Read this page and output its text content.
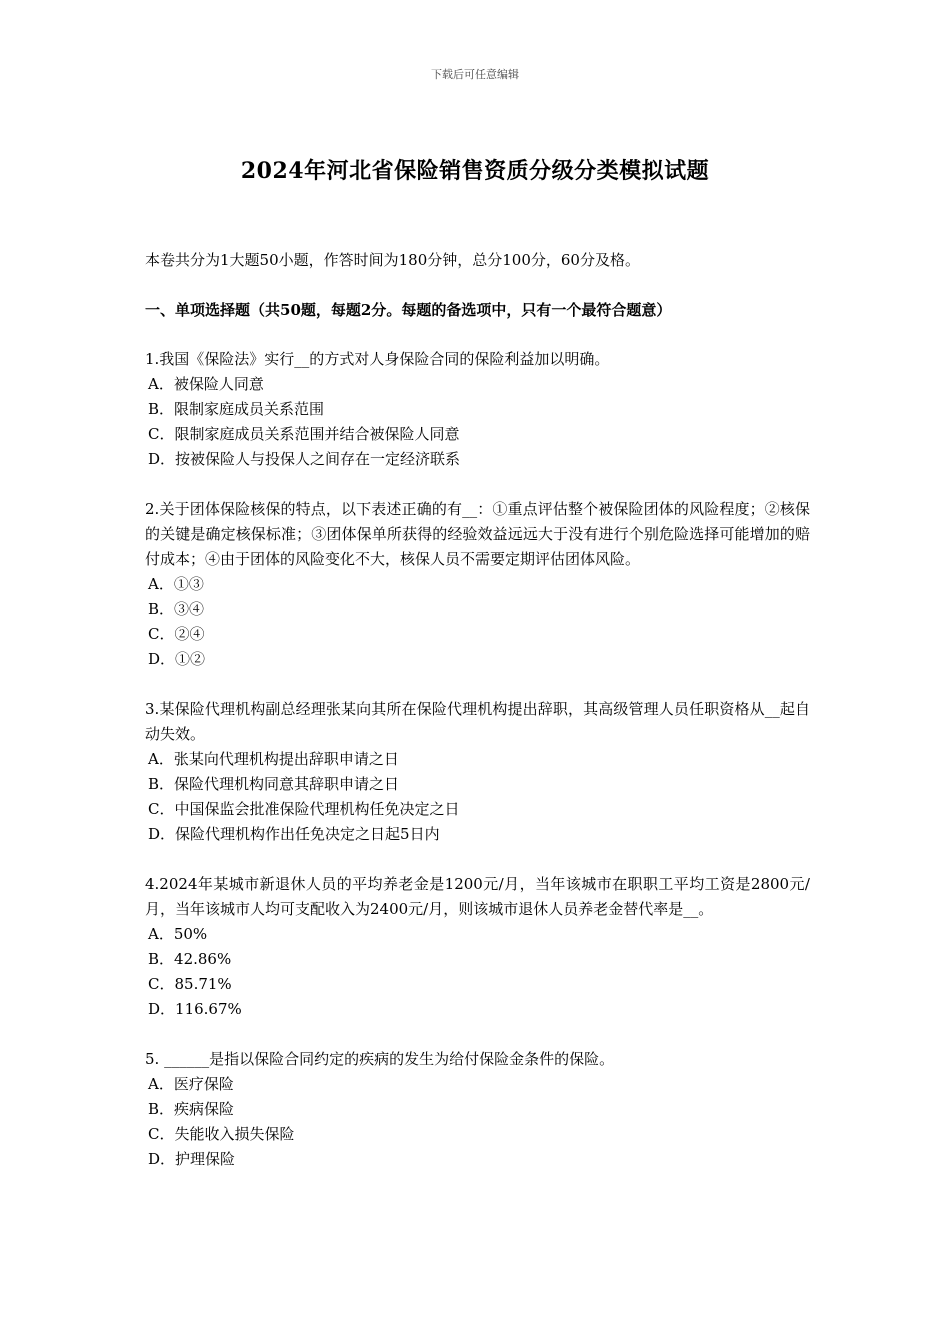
下载后可任意编辑
2024年河北省保险销售资质分级分类模拟试题

本卷共分为1大题50小题，作答时间为180分钟，总分100分，60分及格。

一、单项选择题（共50题，每题2分。每题的备选项中，只有一个最符合题意）

1.我国《保险法》实行__的方式对人身保险合同的保险利益加以明确。

A．被保险人同意
B．限制家庭成员关系范围
C．限制家庭成员关系范围并结合被保险人同意
D．按被保险人与投保人之间存在一定经济联系

2.关于团体保险核保的特点，以下表述正确的有__：①重点评估整个被保险团体的风险程度；②核保的关键是确定核保标准；③团体保单所获得的经验效益远远大于没有进行个别危险选择可能增加的赔付成本；④由于团体的风险变化不大，核保人员不需要定期评估团体风险。

A．①③
B．③④
C．②④
D．①②

3.某保险代理机构副总经理张某向其所在保险代理机构提出辞职，其高级管理人员任职资格从__起自动失效。

A．张某向代理机构提出辞职申请之日
B．保险代理机构同意其辞职申请之日
C．中国保监会批准保险代理机构任免决定之日
D．保险代理机构作出任免决定之日起5日内

4.2024年某城市新退休人员的平均养老金是1200元/月，当年该城市在职职工平均工资是2800元/月，当年该城市人均可支配收入为2400元/月，则该城市退休人员养老金替代率是__。

A．50%
B．42.86%
C．85.71%
D．116.67%

5. ______是指以保险合同约定的疾病的发生为给付保险金条件的保险。

A．医疗保险
B．疾病保险
C．失能收入损失保险
D．护理保险
